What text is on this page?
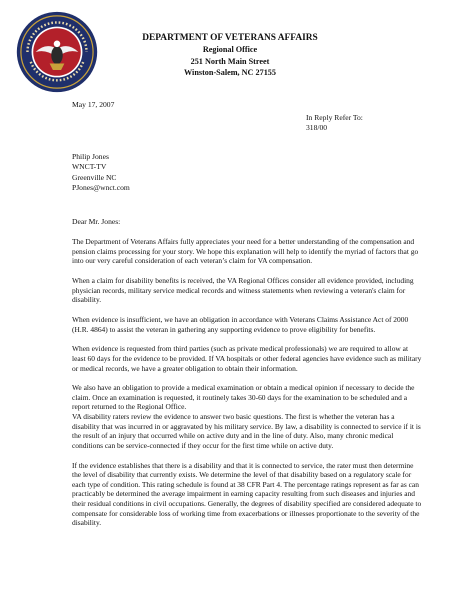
DEPARTMENT OF VETERANS AFFAIRS
Regional Office
251 North Main Street
Winston-Salem, NC 27155
May 17, 2007
In Reply Refer To:
318/00
Philip Jones
WNCT-TV
Greenville NC
PJones@wnct.com
Dear Mr. Jones:

The Department of Veterans Affairs fully appreciates your need for a better understanding of the compensation and pension claims processing for your story. We hope this explanation will help to identify the myriad of factors that go into our very careful consideration of each veteran’s claim for VA compensation.

When a claim for disability benefits is received, the VA Regional Offices consider all evidence provided, including physician records, military service medical records and witness statements when reviewing a veteran's claim for disability.

When evidence is insufficient, we have an obligation in accordance with Veterans Claims Assistance Act of 2000 (H.R. 4864) to assist the veteran in gathering any supporting evidence to prove eligibility for benefits.

When evidence is requested from third parties (such as private medical professionals) we are required to allow at least 60 days for the evidence to be provided. If VA hospitals or other federal agencies have evidence such as military or medical records, we have a greater obligation to obtain their information.

We also have an obligation to provide a medical examination or obtain a medical opinion if necessary to decide the claim. Once an examination is requested, it routinely takes 30-60 days for the examination to be scheduled and a report returned to the Regional Office.

VA disability raters review the evidence to answer two basic questions. The first is whether the veteran has a disability that was incurred in or aggravated by his military service. By law, a disability is connected to service if it is the result of an injury that occurred while on active duty and in the line of duty. Also, many chronic medical conditions can be service-connected if they occur for the first time while on active duty.

If the evidence establishes that there is a disability and that it is connected to service, the rater must then determine the level of disability that currently exists. We determine the level of that disability based on a regulatory scale for each type of condition. This rating schedule is found at 38 CFR Part 4. The percentage ratings represent as far as can practicably be determined the average impairment in earning capacity resulting from such diseases and injuries and their residual conditions in civil occupations. Generally, the degrees of disability specified are considered adequate to compensate for considerable loss of working time from exacerbations or illnesses proportionate to the severity of the disability.
